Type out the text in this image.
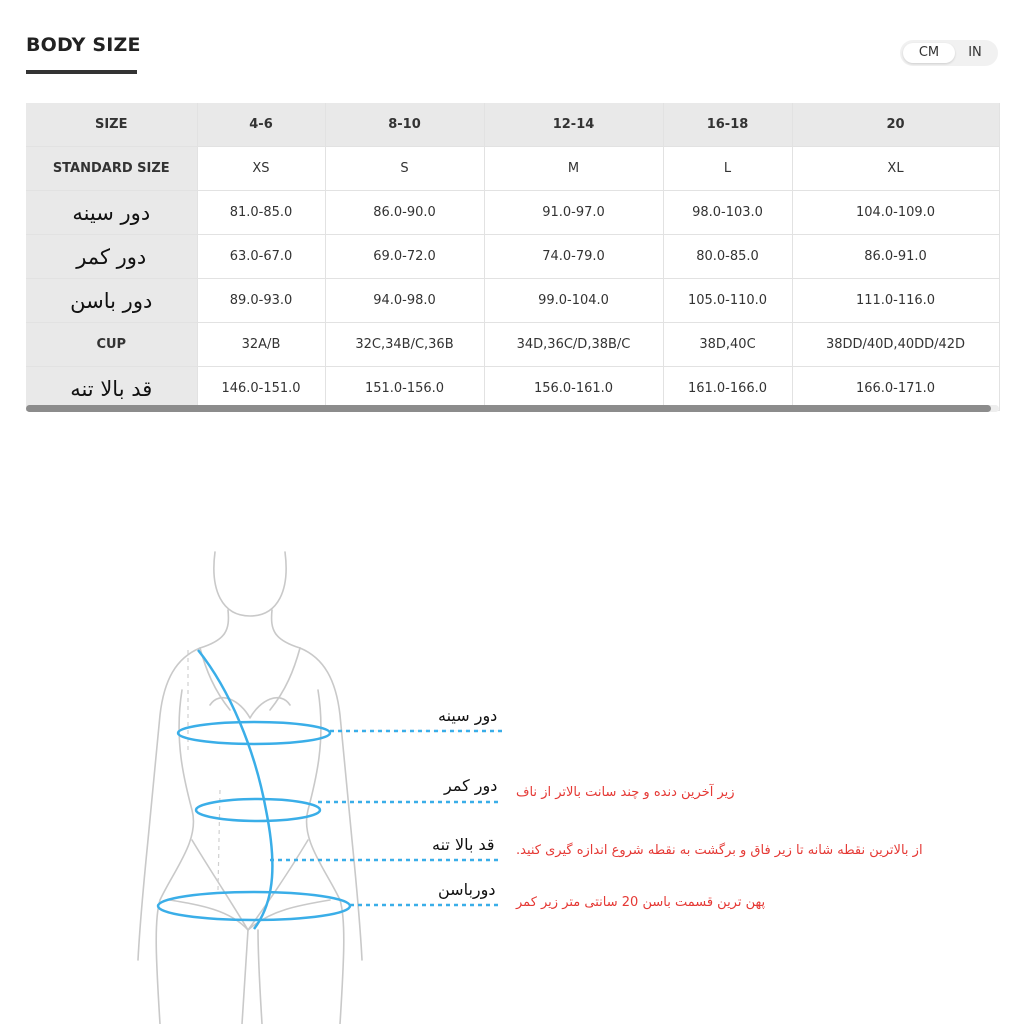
BODY SIZE	CM	IN
SIZE	4-6	8-10	12-14	16-18	20
STANDARD SIZE	XS	S	M	L	XL
دور سینه	81.0-85.0	86.0-90.0	91.0-97.0	98.0-103.0	104.0-109.0
دور کمر	63.0-67.0	69.0-72.0	74.0-79.0	80.0-85.0	86.0-91.0
دور باسن	89.0-93.0	94.0-98.0	99.0-104.0	105.0-110.0	111.0-116.0
CUP	32A/B	32C,34B/C,36B	34D,36C/D,38B/C	38D,40C	38DD/40D,40DD/42D
قد بالا تنه	146.0-151.0	151.0-156.0	156.0-161.0	161.0-166.0	166.0-171.0
دور سینه
دور کمر
قد بالا تنه
دورباسن
زیر آخرین دنده و چند سانت بالاتر از ناف
از بالاترین نقطه شانه تا زیر فاق و برگشت به نقطه شروع اندازه گیری کنید.
پهن ترین قسمت باسن 20 سانتی متر زیر کمر
